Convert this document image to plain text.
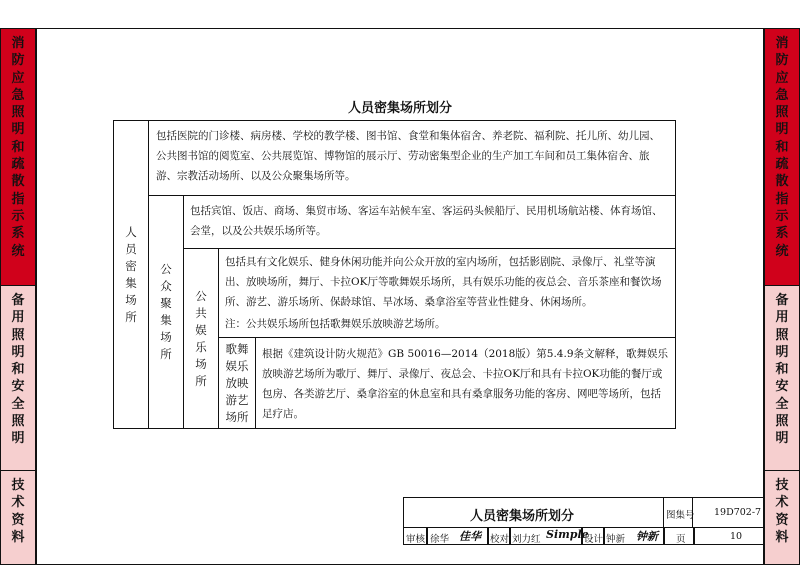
消防应急照明和疏散指示系统
备用照明和安全照明
技术资料
消防应急照明和疏散指示系统
备用照明和安全照明
技术资料
人员密集场所划分
人员密集场所
包括医院的门诊楼、病房楼、学校的教学楼、图书馆、食堂和集体宿舍、养老院、福利院、托儿所、幼儿园、公共图书馆的阅览室、公共展览馆、博物馆的展示厅、劳动密集型企业的生产加工车间和员工集体宿舍、旅游、宗教活动场所、以及公众聚集场所等。
公众聚集场所
包括宾馆、饭店、商场、集贸市场、客运车站候车室、客运码头候船厅、民用机场航站楼、体育场馆、会堂，以及公共娱乐场所等。
公共娱乐场所
包括具有文化娱乐、健身休闲功能并向公众开放的室内场所，包括影剧院、录像厅、礼堂等演出、放映场所，舞厅、卡拉OK厅等歌舞娱乐场所，具有娱乐功能的夜总会、音乐茶座和餐饮场所、游艺、游乐场所、保龄球馆、旱冰场、桑拿浴室等营业性健身、休闲场所。
注：公共娱乐场所包括歌舞娱乐放映游艺场所。
歌舞娱乐放映游艺场所
根据《建筑设计防火规范》GB 50016—2014（2018版）第5.4.9条文解释，歌舞娱乐放映游艺场所为歌厅、舞厅、录像厅、夜总会、卡拉OK厅和具有卡拉OK功能的餐厅或包房、各类游艺厅、桑拿浴室的休息室和具有桑拿服务功能的客房、网吧等场所，包括足疗店。
人员密集场所划分	图集号 19D702-7
审核 徐华 佳华 校对 刘力红 Simple
设计 钟新 钟新 页	10
